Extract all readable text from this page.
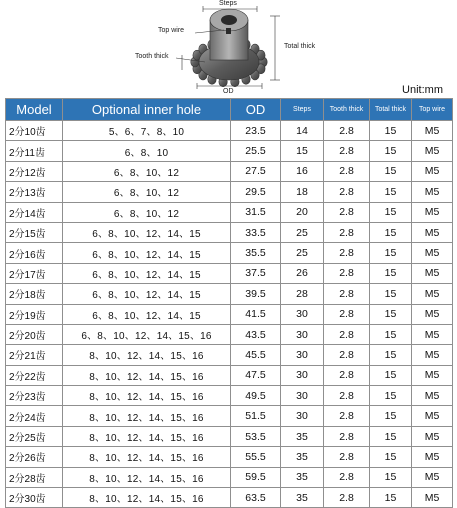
Steps
Top wire
Total thick
Tooth thick
OD	Unit:mm
Model	Optional inner hole	OD	Steps	Tooth thick	Total thick	Top wire
2分10齿	5、6、7、8、10	23.5	14	2.8	15	M5
2分11齿	6、8、10	25.5	15	2.8	15	M5
2分12齿	6、8、10、12	27.5	16	2.8	15	M5
2分13齿	6、8、10、12	29.5	18	2.8	15	M5
2分14齿	6、8、10、12	31.5	20	2.8	15	M5
2分15齿	6、8、10、12、14、15	33.5	25	2.8	15	M5
2分16齿	6、8、10、12、14、15	35.5	25	2.8	15	M5
2分17齿	6、8、10、12、14、15	37.5	26	2.8	15	M5
2分18齿	6、8、10、12、14、15	39.5	28	2.8	15	M5
2分19齿	6、8、10、12、14、15	41.5	30	2.8	15	M5
2分20齿	6、8、10、12、14、15、16	43.5	30	2.8	15	M5
2分21齿	8、10、12、14、15、16	45.5	30	2.8	15	M5
2分22齿	8、10、12、14、15、16	47.5	30	2.8	15	M5
2分23齿	8、10、12、14、15、16	49.5	30	2.8	15	M5
2分24齿	8、10、12、14、15、16	51.5	30	2.8	15	M5
2分25齿	8、10、12、14、15、16	53.5	35	2.8	15	M5
2分26齿	8、10、12、14、15、16	55.5	35	2.8	15	M5
2分28齿	8、10、12、14、15、16	59.5	35	2.8	15	M5
2分30齿	8、10、12、14、15、16	63.5	35	2.8	15	M5
